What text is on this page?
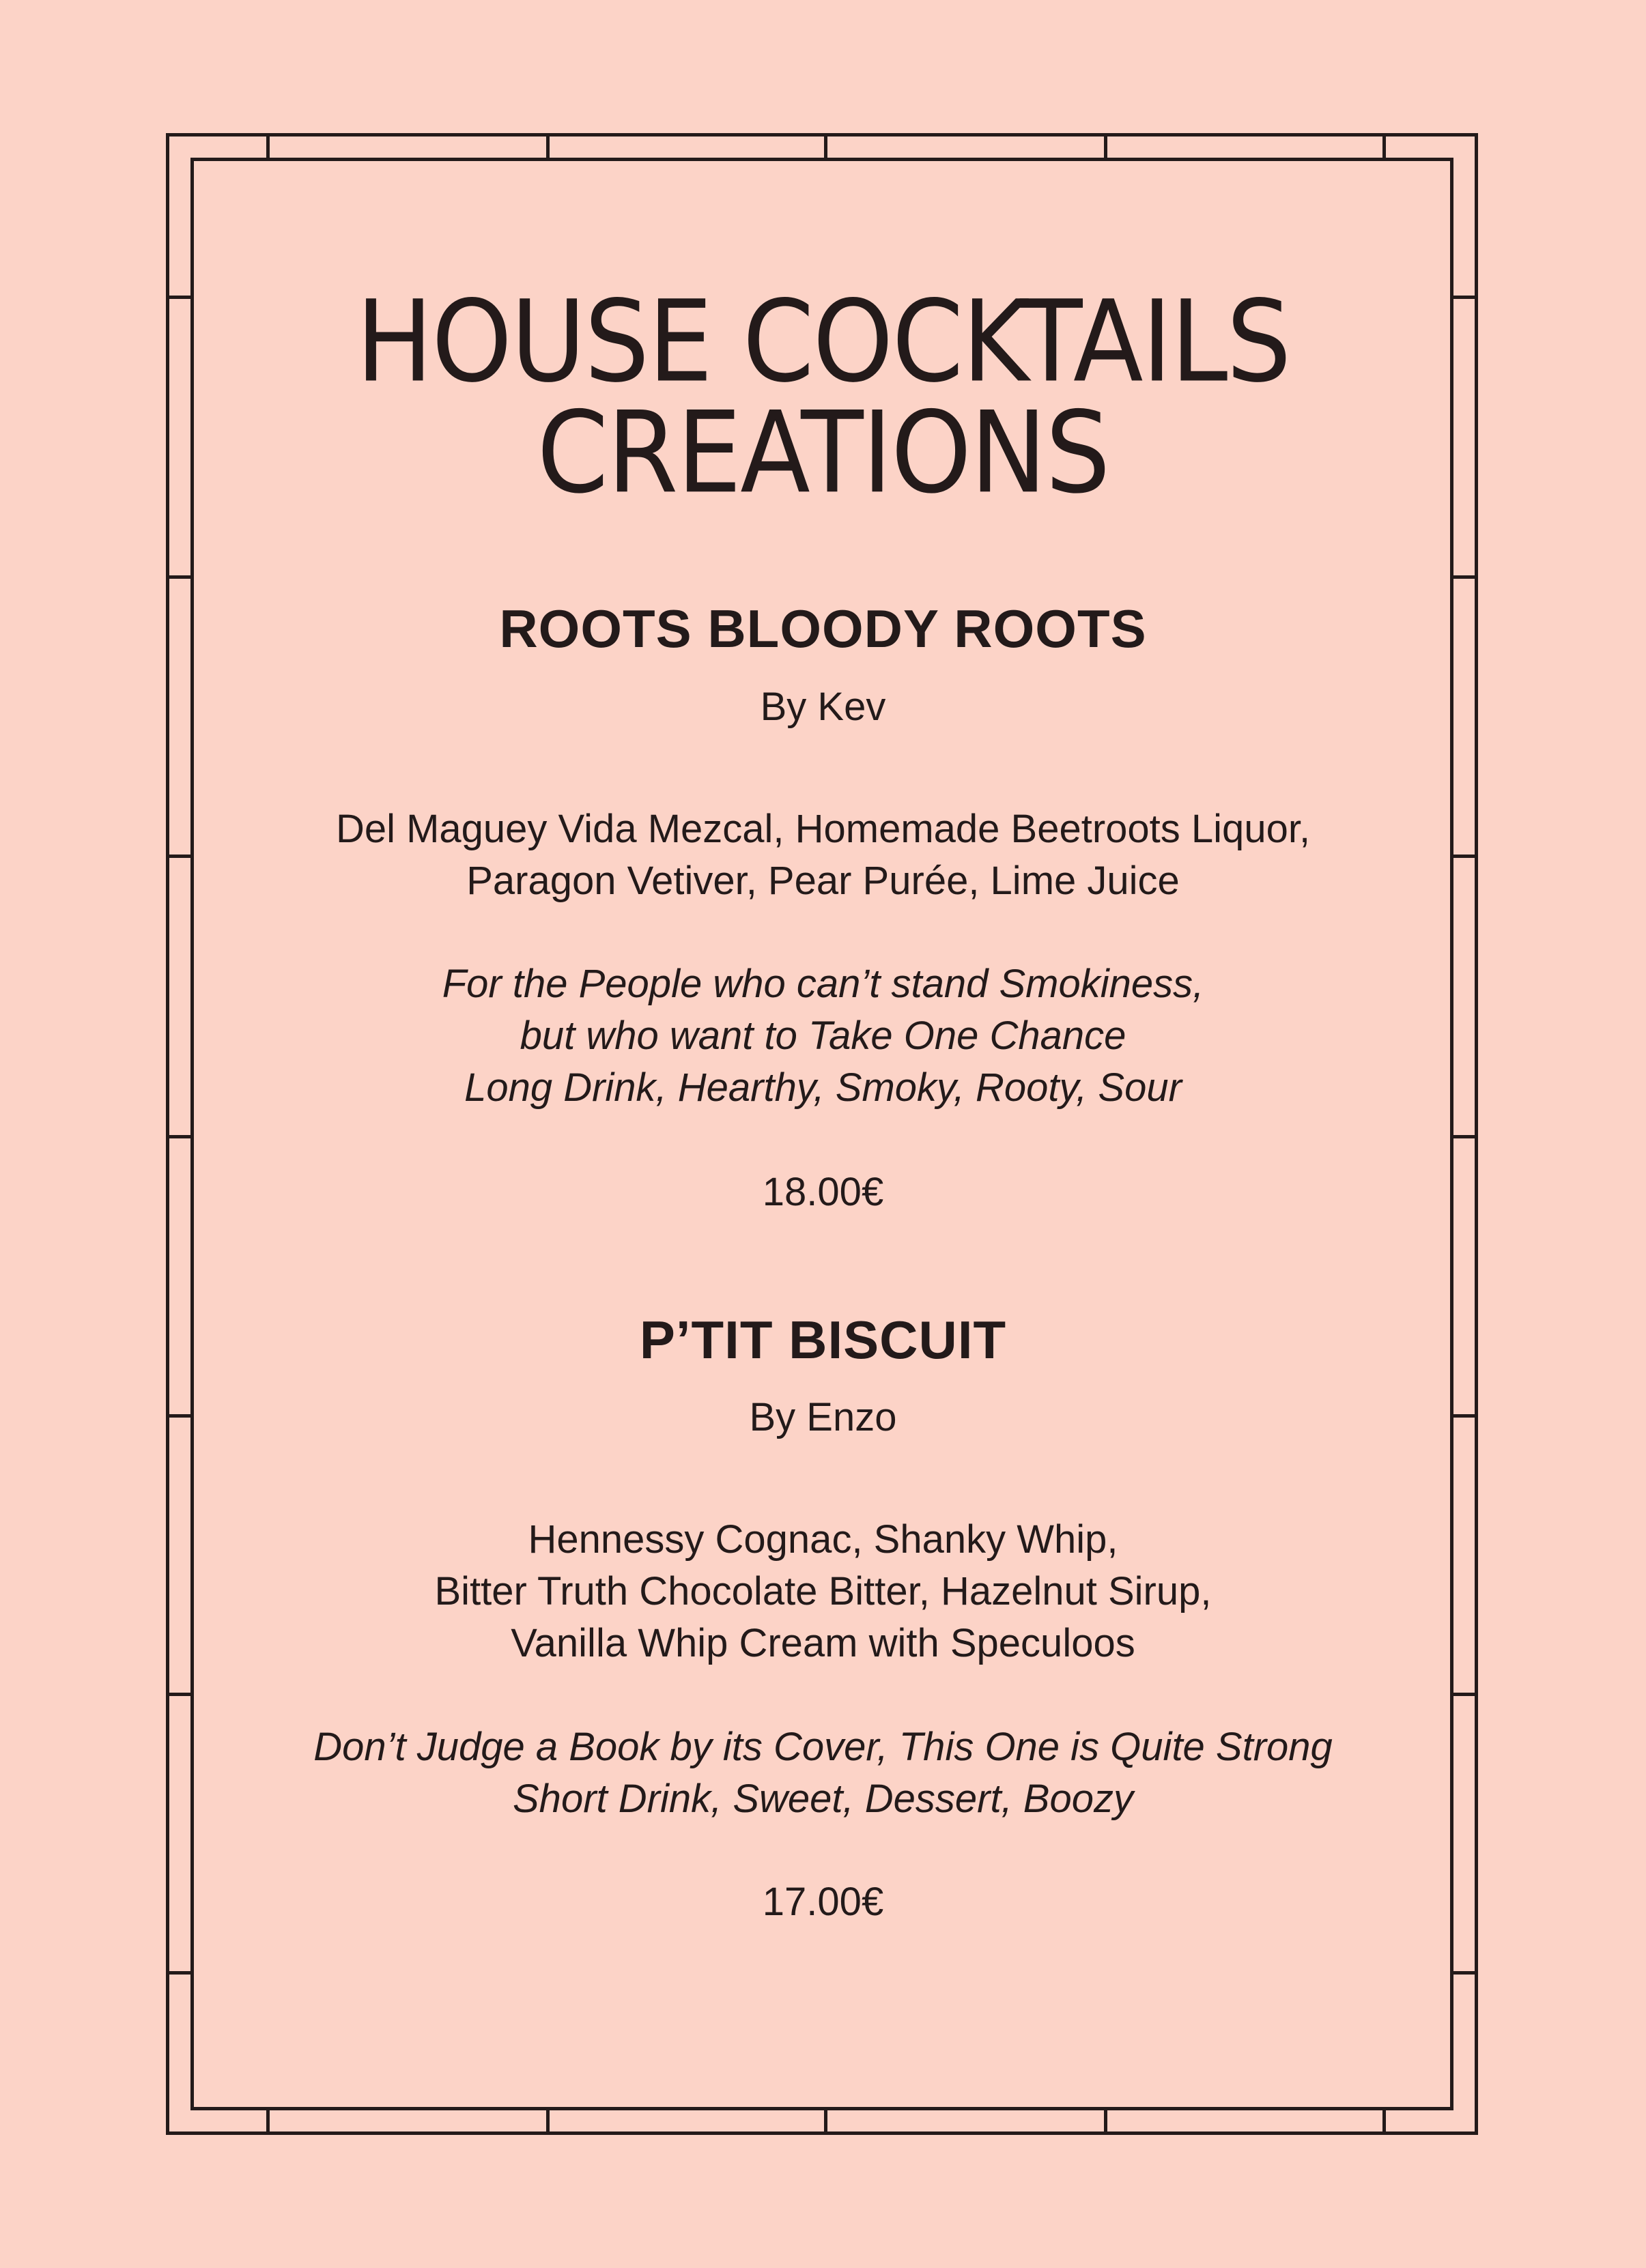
HOUSE COCKTAILS
CREATIONS
ROOTS BLOODY ROOTS
By Kev
Del Maguey Vida Mezcal, Homemade Beetroots Liquor,
Paragon Vetiver, Pear Purée, Lime Juice
For the People who can’t stand Smokiness,
but who want to Take One Chance
Long Drink, Hearthy, Smoky, Rooty, Sour
18.00€
P’TIT BISCUIT
By Enzo
Hennessy Cognac, Shanky Whip,
Bitter Truth Chocolate Bitter, Hazelnut Sirup,
Vanilla Whip Cream with Speculoos
Don’t Judge a Book by its Cover, This One is Quite Strong
Short Drink, Sweet, Dessert, Boozy
17.00€
